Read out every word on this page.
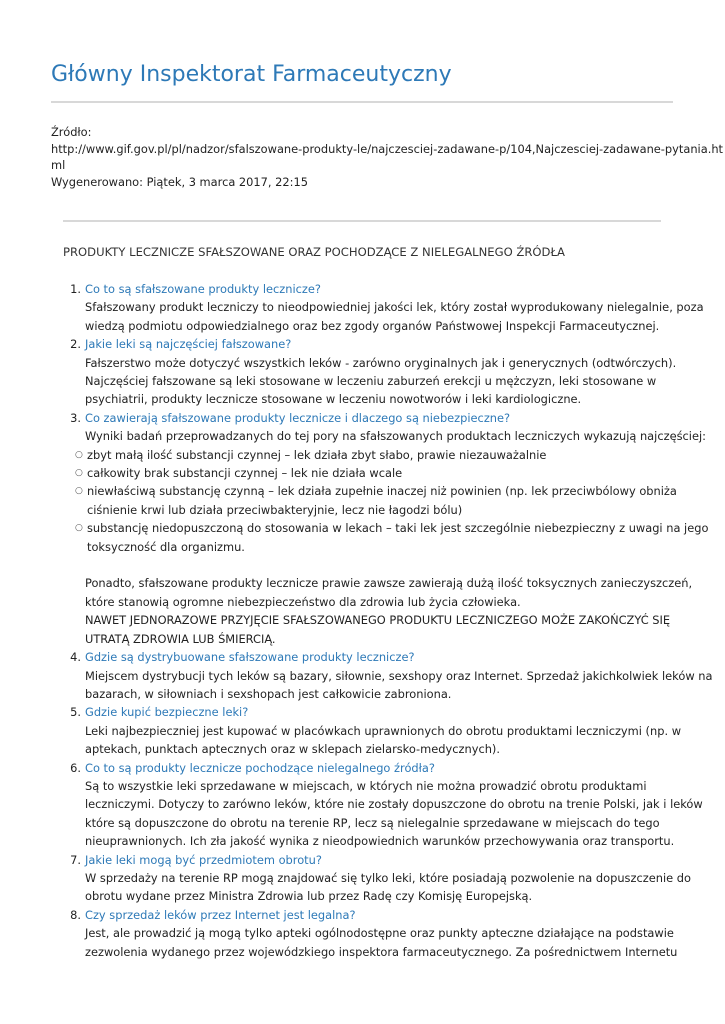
Główny Inspektorat Farmaceutyczny
Źródło:
http://www.gif.gov.pl/pl/nadzor/sfalszowane-produkty-le/najczesciej-zadawane-p/104,Najczesciej-zadawane-pytania.ht
ml
Wygenerowano: Piątek, 3 marca 2017, 22:15
PRODUKTY LECZNICZE SFAŁSZOWANE ORAZ POCHODZĄCE Z NIELEGALNEGO ŹRÓDŁA
1. Co to są sfałszowane produkty lecznicze?
Sfałszowany produkt leczniczy to nieodpowiedniej jakości lek, który został wyprodukowany nielegalnie, poza
wiedzą podmiotu odpowiedzialnego oraz bez zgody organów Państwowej Inspekcji Farmaceutycznej.
2. Jakie leki są najczęściej fałszowane?
Fałszerstwo może dotyczyć wszystkich leków - zarówno oryginalnych jak i generycznych (odtwórczych).
Najczęściej fałszowane są leki stosowane w leczeniu zaburzeń erekcji u mężczyzn, leki stosowane w
psychiatrii, produkty lecznicze stosowane w leczeniu nowotworów i leki kardiologiczne.
3. Co zawierają sfałszowane produkty lecznicze i dlaczego są niebezpieczne?
Wyniki badań przeprowadzanych do tej pory na sfałszowanych produktach leczniczych wykazują najczęściej:
○ zbyt małą ilość substancji czynnej – lek działa zbyt słabo, prawie niezauważalnie
○ całkowity brak substancji czynnej – lek nie działa wcale
○ niewłaściwą substancję czynną – lek działa zupełnie inaczej niż powinien (np. lek przeciwbólowy obniża
ciśnienie krwi lub działa przeciwbakteryjnie, lecz nie łagodzi bólu)
○ substancję niedopuszczoną do stosowania w lekach – taki lek jest szczególnie niebezpieczny z uwagi na jego
toksyczność dla organizmu.
Ponadto, sfałszowane produkty lecznicze prawie zawsze zawierają dużą ilość toksycznych zanieczyszczeń,
które stanowią ogromne niebezpieczeństwo dla zdrowia lub życia człowieka.
NAWET JEDNORAZOWE PRZYJĘCIE SFAŁSZOWANEGO PRODUKTU LECZNICZEGO MOŻE ZAKOŃCZYĆ SIĘ
UTRATĄ ZDROWIA LUB ŚMIERCIĄ.
4. Gdzie są dystrybuowane sfałszowane produkty lecznicze?
Miejscem dystrybucji tych leków są bazary, siłownie, sexshopy oraz Internet. Sprzedaż jakichkolwiek leków na
bazarach, w siłowniach i sexshopach jest całkowicie zabroniona.
5. Gdzie kupić bezpieczne leki?
Leki najbezpieczniej jest kupować w placówkach uprawnionych do obrotu produktami leczniczymi (np. w
aptekach, punktach aptecznych oraz w sklepach zielarsko-medycznych).
6. Co to są produkty lecznicze pochodzące nielegalnego źródła?
Są to wszystkie leki sprzedawane w miejscach, w których nie można prowadzić obrotu produktami
leczniczymi. Dotyczy to zarówno leków, które nie zostały dopuszczone do obrotu na trenie Polski, jak i leków
które są dopuszczone do obrotu na terenie RP, lecz są nielegalnie sprzedawane w miejscach do tego
nieuprawnionych. Ich zła jakość wynika z nieodpowiednich warunków przechowywania oraz transportu.
7. Jakie leki mogą być przedmiotem obrotu?
W sprzedaży na terenie RP mogą znajdować się tylko leki, które posiadają pozwolenie na dopuszczenie do
obrotu wydane przez Ministra Zdrowia lub przez Radę czy Komisję Europejską.
8. Czy sprzedaż leków przez Internet jest legalna?
Jest, ale prowadzić ją mogą tylko apteki ogólnodostępne oraz punkty apteczne działające na podstawie
zezwolenia wydanego przez wojewódzkiego inspektora farmaceutycznego. Za pośrednictwem Internetu
